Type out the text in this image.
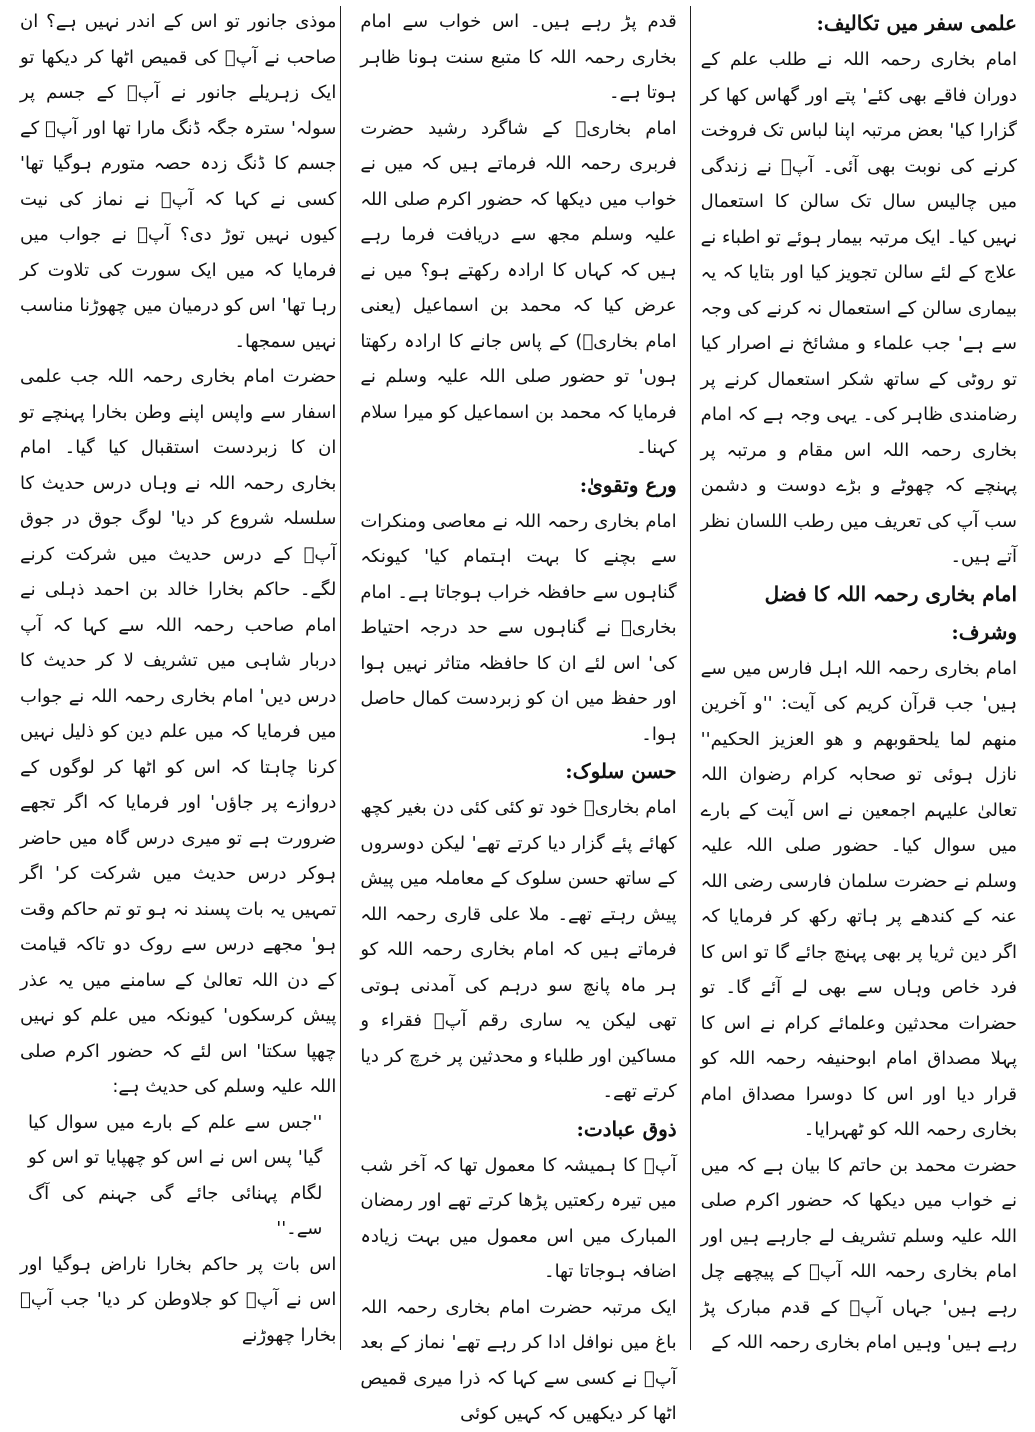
علمی سفر میں تکالیف:

امام بخاری رحمہ اللہ نے طلب علم کے دوران فاقے بھی کئے' پتے اور گھاس کھا کر گزارا کیا' بعض مرتبہ اپنا لباس تک فروخت کرنے کی نوبت بھی آئی۔ آپؒ نے زندگی میں چالیس سال تک سالن کا استعمال نہیں کیا۔ ایک مرتبہ بیمار ہوئے تو اطباء نے علاج کے لئے سالن تجویز کیا اور بتایا کہ یہ بیماری سالن کے استعمال نہ کرنے کی وجہ سے ہے' جب علماء و مشائخ نے اصرار کیا تو روٹی کے ساتھ شکر استعمال کرنے پر رضامندی ظاہر کی۔ یہی وجہ ہے کہ امام بخاری رحمہ اللہ اس مقام و مرتبہ پر پہنچے کہ چھوٹے و بڑے دوست و دشمن سب آپ کی تعریف میں رطب اللسان نظر آتے ہیں۔

امام بخاری رحمہ اللہ کا فضل وشرف:

امام بخاری رحمہ اللہ اہل فارس میں سے ہیں' جب قرآن کریم کی آیت: ''و آخرین منھم لما یلحقوبھم و ھو العزیز الحکیم'' نازل ہوئی تو صحابہ کرام رضوان اللہ تعالیٰ علیہم اجمعین نے اس آیت کے بارے میں سوال کیا۔ حضور صلی اللہ علیہ وسلم نے حضرت سلمان فارسی رضی اللہ عنہ کے کندھے پر ہاتھ رکھ کر فرمایا کہ اگر دین ثریا پر بھی پہنچ جائے گا تو اس کا فرد خاص وہاں سے بھی لے آئے گا۔ تو حضرات محدثین وعلمائے کرام نے اس کا پہلا مصداق امام ابوحنیفہ رحمہ اللہ کو قرار دیا اور اس کا دوسرا مصداق امام بخاری رحمہ اللہ کو ٹھہرایا۔

حضرت محمد بن حاتم کا بیان ہے کہ میں نے خواب میں دیکھا کہ حضور اکرم صلی اللہ علیہ وسلم تشریف لے جارہے ہیں اور امام بخاری رحمہ اللہ آپؐ کے پیچھے چل رہے ہیں' جہاں آپؐ کے قدم مبارک پڑ رہے ہیں' وہیں امام بخاری رحمہ اللہ کے

قدم پڑ رہے ہیں۔ اس خواب سے امام بخاری رحمہ اللہ کا متبع سنت ہونا ظاہر ہوتا ہے۔

امام بخاریؒ کے شاگرد رشید حضرت فربری رحمہ اللہ فرماتے ہیں کہ میں نے خواب میں دیکھا کہ حضور اکرم صلی اللہ علیہ وسلم مجھ سے دریافت فرما رہے ہیں کہ کہاں کا ارادہ رکھتے ہو؟ میں نے عرض کیا کہ محمد بن اسماعیل (یعنی امام بخاریؒ) کے پاس جانے کا ارادہ رکھتا ہوں' تو حضور صلی اللہ علیہ وسلم نے فرمایا کہ محمد بن اسماعیل کو میرا سلام کہنا۔

ورع وتقویٰ:

امام بخاری رحمہ اللہ نے معاصی ومنکرات سے بچنے کا بہت اہتمام کیا' کیونکہ گناہوں سے حافظہ خراب ہوجاتا ہے۔ امام بخاریؒ نے گناہوں سے حد درجہ احتیاط کی' اس لئے ان کا حافظہ متاثر نہیں ہوا اور حفظ میں ان کو زبردست کمال حاصل ہوا۔

حسن سلوک:

امام بخاریؒ خود تو کئی کئی دن بغیر کچھ کھائے پئے گزار دیا کرتے تھے' لیکن دوسروں کے ساتھ حسن سلوک کے معاملہ میں پیش پیش رہتے تھے۔ ملا علی قاری رحمہ اللہ فرماتے ہیں کہ امام بخاری رحمہ اللہ کو ہر ماہ پانچ سو درہم کی آمدنی ہوتی تھی لیکن یہ ساری رقم آپؒ فقراء و مساکین اور طلباء و محدثین پر خرچ کر دیا کرتے تھے۔

ذوق عبادت:

آپؒ کا ہمیشہ کا معمول تھا کہ آخر شب میں تیرہ رکعتیں پڑھا کرتے تھے اور رمضان المبارک میں اس معمول میں بہت زیادہ اضافہ ہوجاتا تھا۔

ایک مرتبہ حضرت امام بخاری رحمہ اللہ باغ میں نوافل ادا کر رہے تھے' نماز کے بعد آپؒ نے کسی سے کہا کہ ذرا میری قمیص اٹھا کر دیکھیں کہ کہیں کوئی

موذی جانور تو اس کے اندر نہیں ہے؟ ان صاحب نے آپؒ کی قمیص اٹھا کر دیکھا تو ایک زہریلے جانور نے آپؒ کے جسم پر سولہ' سترہ جگہ ڈنگ مارا تھا اور آپؒ کے جسم کا ڈنگ زدہ حصہ متورم ہوگیا تھا' کسی نے کہا کہ آپؒ نے نماز کی نیت کیوں نہیں توڑ دی؟ آپؒ نے جواب میں فرمایا کہ میں ایک سورت کی تلاوت کر رہا تھا' اس کو درمیان میں چھوڑنا مناسب نہیں سمجھا۔

حضرت امام بخاری رحمہ اللہ جب علمی اسفار سے واپس اپنے وطن بخارا پہنچے تو ان کا زبردست استقبال کیا گیا۔ امام بخاری رحمہ اللہ نے وہاں درس حدیث کا سلسلہ شروع کر دیا' لوگ جوق در جوق آپؒ کے درس حدیث میں شرکت کرنے لگے۔ حاکم بخارا خالد بن احمد ذہلی نے امام صاحب رحمہ اللہ سے کہا کہ آپ دربار شاہی میں تشریف لا کر حدیث کا درس دیں' امام بخاری رحمہ اللہ نے جواب میں فرمایا کہ میں علم دین کو ذلیل نہیں کرنا چاہتا کہ اس کو اٹھا کر لوگوں کے دروازے پر جاؤں' اور فرمایا کہ اگر تجھے ضرورت ہے تو میری درس گاہ میں حاضر ہوکر درس حدیث میں شرکت کر' اگر تمہیں یہ بات پسند نہ ہو تو تم حاکم وقت ہو' مجھے درس سے روک دو تاکہ قیامت کے دن اللہ تعالیٰ کے سامنے میں یہ عذر پیش کرسکوں' کیونکہ میں علم کو نہیں چھپا سکتا' اس لئے کہ حضور اکرم صلی اللہ علیہ وسلم کی حدیث ہے:

''جس سے علم کے بارے میں سوال کیا گیا' پس اس نے اس کو چھپایا تو اس کو لگام پہنائی جائے گی جہنم کی آگ سے۔''

اس بات پر حاکم بخارا ناراض ہوگیا اور اس نے آپؒ کو جلاوطن کر دیا' جب آپؒ بخارا چھوڑنے
